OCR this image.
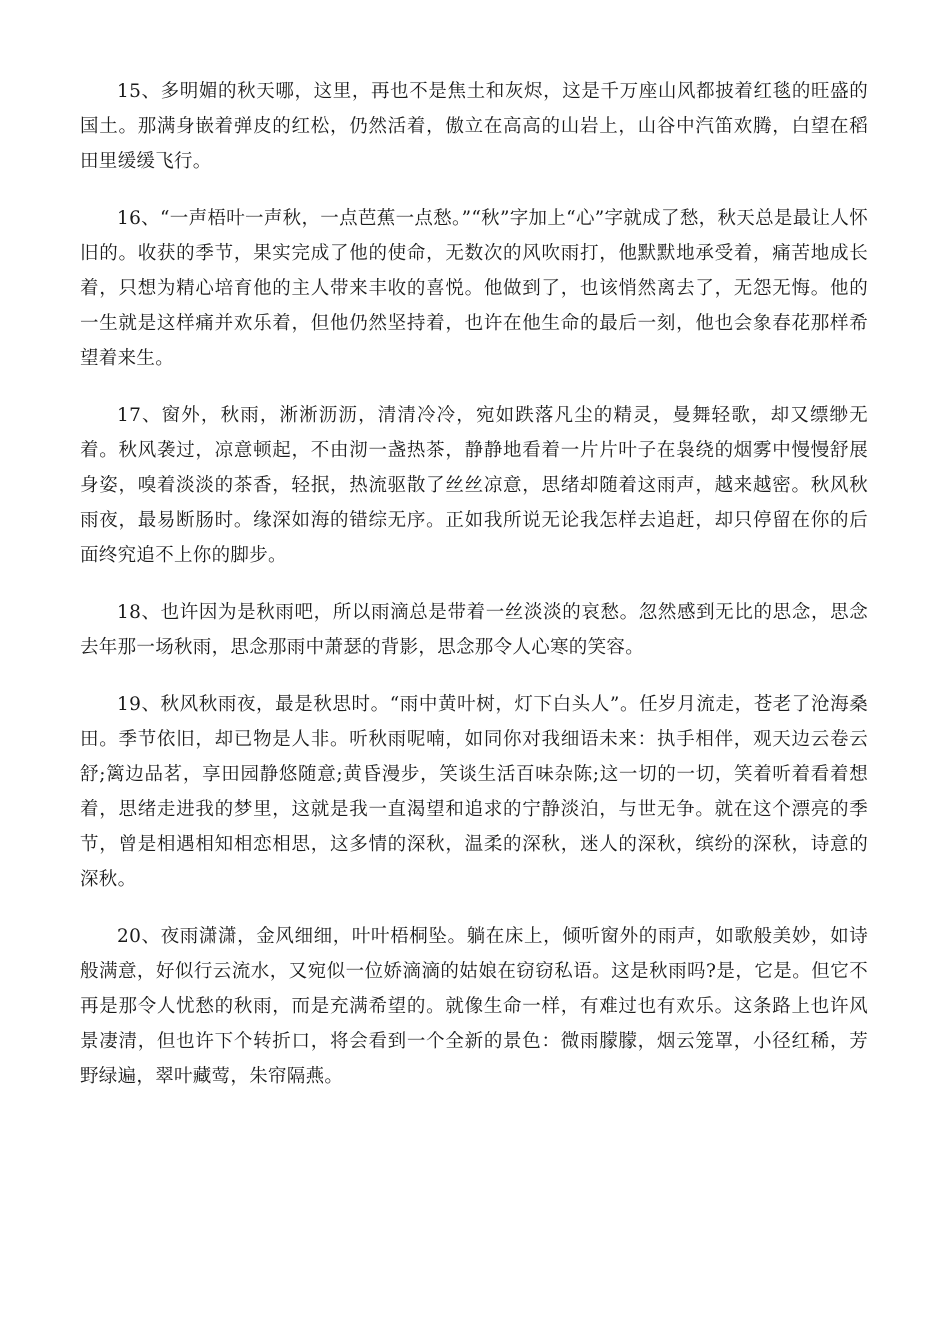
15、多明媚的秋天哪，这里，再也不是焦土和灰烬，这是千万座山风都披着红毯的旺盛的国土。那满身嵌着弹皮的红松，仍然活着，傲立在高高的山岩上，山谷中汽笛欢腾，白望在稻田里缓缓飞行。

16、“一声梧叶一声秋，一点芭蕉一点愁。”“秋”字加上“心”字就成了愁，秋天总是最让人怀旧的。收获的季节，果实完成了他的使命，无数次的风吹雨打，他默默地承受着，痛苦地成长着，只想为精心培育他的主人带来丰收的喜悦。他做到了，也该悄然离去了，无怨无悔。他的一生就是这样痛并欢乐着，但他仍然坚持着，也许在他生命的最后一刻，他也会象春花那样希望着来生。

17、窗外，秋雨，淅淅沥沥，清清冷冷，宛如跌落凡尘的精灵，曼舞轻歌，却又缥缈无着。秋风袭过，凉意顿起，不由沏一盏热茶，静静地看着一片片叶子在袅绕的烟雾中慢慢舒展身姿，嗅着淡淡的茶香，轻抿，热流驱散了丝丝凉意，思绪却随着这雨声，越来越密。秋风秋雨夜，最易断肠时。缘深如海的错综无序。正如我所说无论我怎样去追赶，却只停留在你的后面终究追不上你的脚步。

18、也许因为是秋雨吧，所以雨滴总是带着一丝淡淡的哀愁。忽然感到无比的思念，思念去年那一场秋雨，思念那雨中萧瑟的背影，思念那令人心寒的笑容。

19、秋风秋雨夜，最是秋思时。“雨中黄叶树，灯下白头人”。任岁月流走，苍老了沧海桑田。季节依旧，却已物是人非。听秋雨呢喃，如同你对我细语未来：执手相伴，观天边云卷云舒;篱边品茗，享田园静悠随意;黄昏漫步，笑谈生活百味杂陈;这一切的一切，笑着听着看着想着，思绪走进我的梦里，这就是我一直渴望和追求的宁静淡泊，与世无争。就在这个漂亮的季节，曾是相遇相知相恋相思，这多情的深秋，温柔的深秋，迷人的深秋，缤纷的深秋，诗意的深秋。

20、夜雨潇潇，金风细细，叶叶梧桐坠。躺在床上，倾听窗外的雨声，如歌般美妙，如诗般满意，好似行云流水，又宛似一位娇滴滴的姑娘在窃窃私语。这是秋雨吗?是，它是。但它不再是那令人忧愁的秋雨，而是充满希望的。就像生命一样，有难过也有欢乐。这条路上也许风景凄清，但也许下个转折口，将会看到一个全新的景色：微雨朦朦，烟云笼罩，小径红稀，芳野绿遍，翠叶藏莺，朱帘隔燕。
